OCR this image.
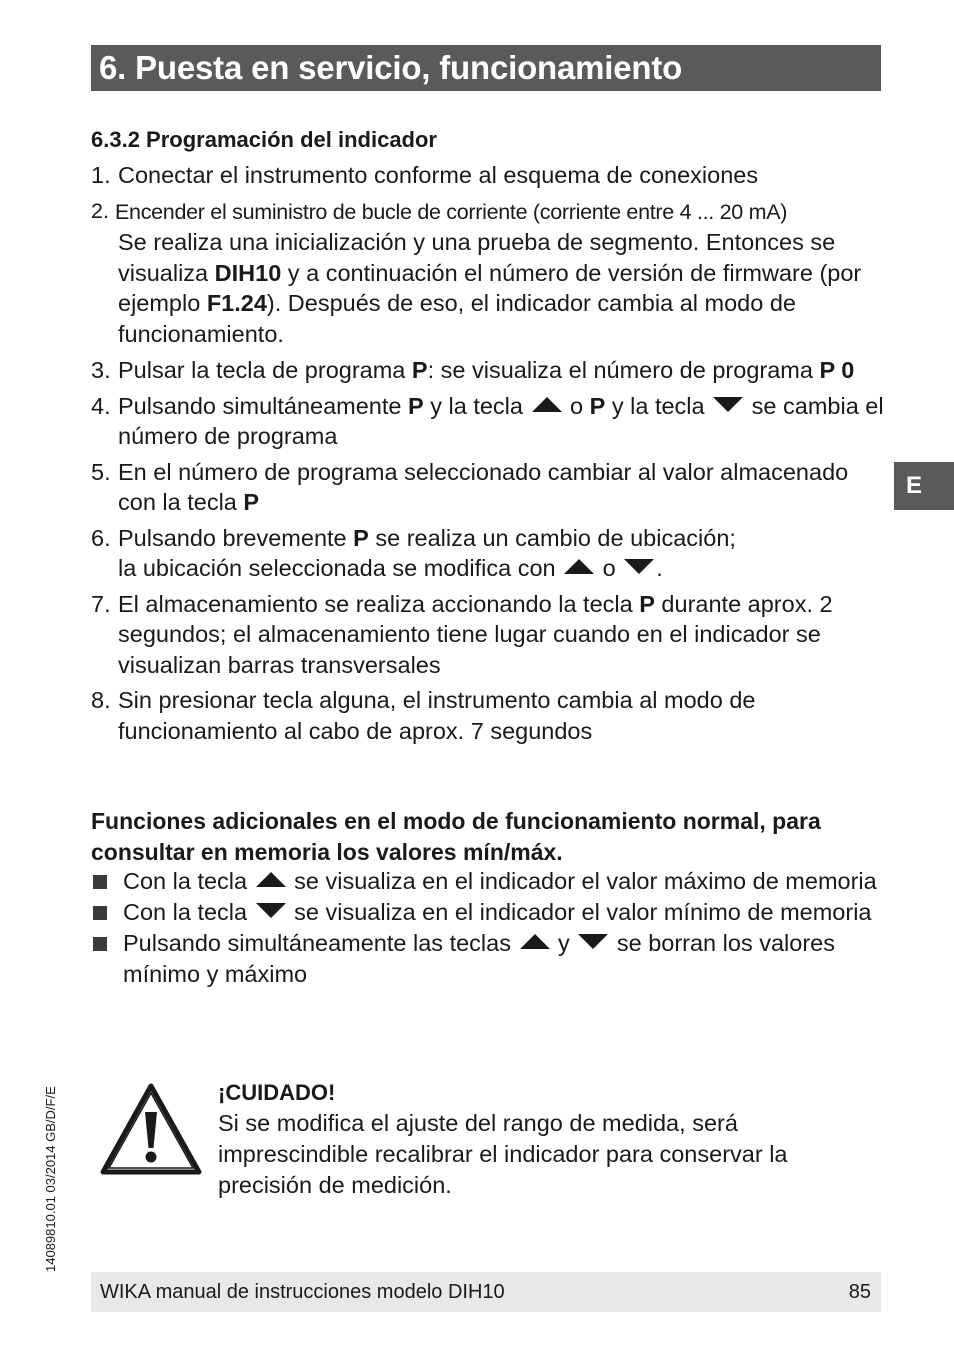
6. Puesta en servicio, funcionamiento
6.3.2 Programación del indicador
1. Conectar el instrumento conforme al esquema de conexiones
2. Encender el suministro de bucle de corriente (corriente entre 4 ... 20 mA)
Se realiza una inicialización y una prueba de segmento. Entonces se visualiza DIH10 y a continuación el número de versión de firmware (por ejemplo F1.24). Después de eso, el indicador cambia al modo de funcionamiento.
3. Pulsar la tecla de programa P: se visualiza el número de programa P 0
4. Pulsando simultáneamente P y la tecla  o P y la tecla  se cambia el número de programa
5. En el número de programa seleccionado cambiar al valor almacenado con la tecla P
6. Pulsando brevemente P se realiza un cambio de ubicación;
la ubicación seleccionada se modifica con  o .
7. El almacenamiento se realiza accionando la tecla P durante aprox. 2 segundos; el almacenamiento tiene lugar cuando en el indicador se visualizan barras transversales
8. Sin presionar tecla alguna, el instrumento cambia al modo de funcionamiento al cabo de aprox. 7 segundos
Funciones adicionales en el modo de funcionamiento normal, para consultar en memoria los valores mín/máx.
Con la tecla  se visualiza en el indicador el valor máximo de memoria
Con la tecla  se visualiza en el indicador el valor mínimo de memoria
Pulsando simultáneamente las teclas  y  se borran los valores mínimo y máximo
¡CUIDADO!
Si se modifica el ajuste del rango de medida, será imprescindible recalibrar el indicador para conservar la precisión de medición.
E
14089810.01 03/2014 GB/D/F/E
WIKA manual de instrucciones modelo DIH10	85
